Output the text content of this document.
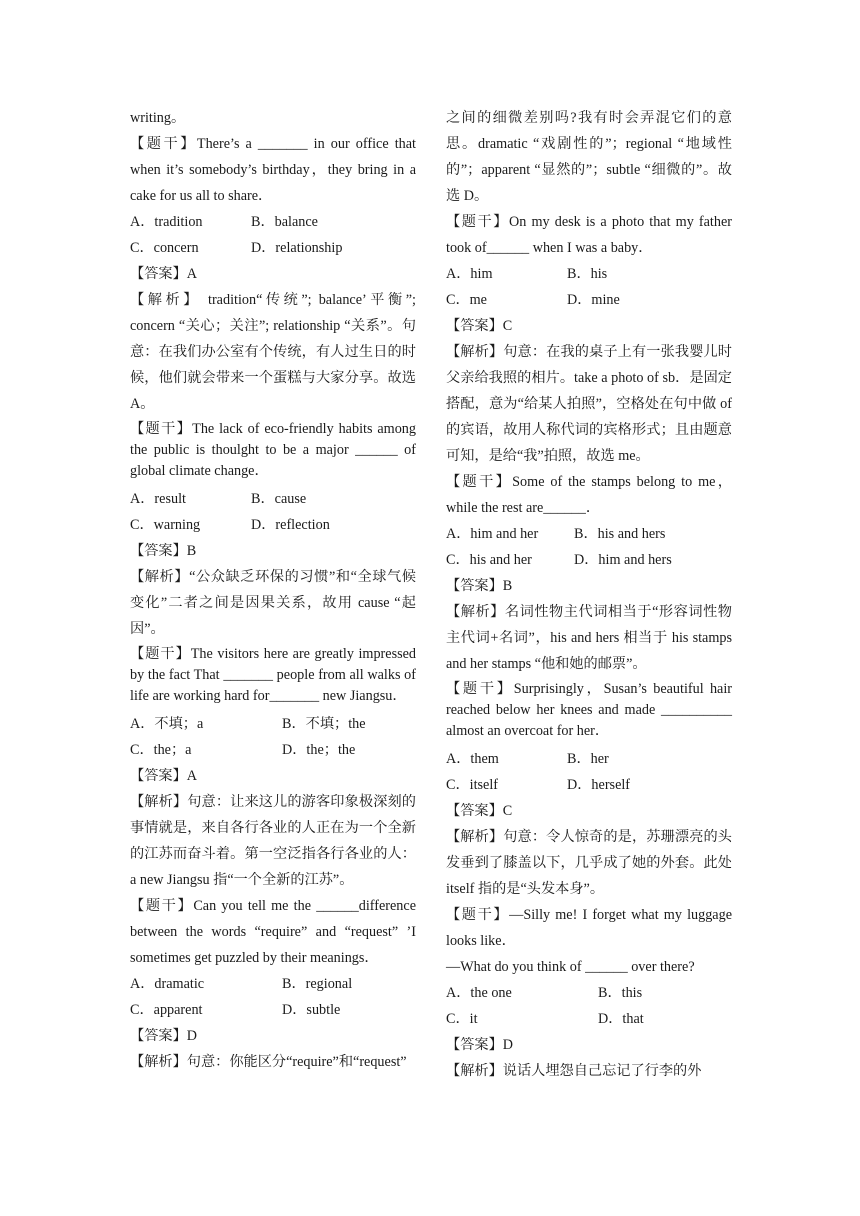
writing。

【题干】There’s a _______ in our office that when it’s somebody’s birthday，they bring in a cake for us all to share．

A．tradition	B．balance
C．concern	D．relationship

【答案】A

【解析】 tradition“传统”; balance’平衡”; concern “关心；关注”; relationship “关系”。句意：在我们办公室有个传统，有人过生日的时候，他们就会带来一个蛋糕与大家分享。故选 A。

【题干】The lack of eco-friendly habits among the public is thoulght to be a major ______ of global climate change．

A．result	B．cause
C．warning	D．reflection

【答案】B

【解析】“公众缺乏环保的习惯”和“全球气候变化”二者之间是因果关系，故用 cause “起因”。

【题干】The visitors here are greatly impressed by the fact That _______ people from all walks of life are working hard for_______ new Jiangsu．

A．不填；a	B．不填；the
C．the；a	D．the；the

【答案】A

【解析】句意：让来这儿的游客印象极深刻的事情就是，来自各行各业的人正在为一个全新的江苏而奋斗着。第一空泛指各行各业的人：a new Jiangsu 指“一个全新的江苏”。

【题干】Can you tell me the ______difference between the words “require” and “request” ’I sometimes get puzzled by their meanings．

A．dramatic	B．regional
C．apparent	D．subtle

【答案】D

【解析】句意：你能区分“require”和“request”

之间的细微差别吗?我有时会弄混它们的意思。dramatic “戏剧性的”；regional “地域性的”；apparent “显然的”；subtle “细微的”。故选 D。

【题干】On my desk is a photo that my father took of______ when I was a baby．

A．him	B．his
C．me	D．mine

【答案】C

【解析】句意：在我的桌子上有一张我婴儿时父亲给我照的相片。take a photo of sb．是固定搭配，意为“给某人拍照”，空格处在句中做 of 的宾语，故用人称代词的宾格形式；且由题意可知，是给“我”拍照，故选 me。

【题干】Some of the stamps belong to me，while the rest are______．

A．him and her	B．his and hers
C．his and her	D．him and hers

【答案】B

【解析】名词性物主代词相当于“形容词性物主代词+名词”，his and hers 相当于 his stamps and her stamps “他和她的邮票”。

【题干】Surprisingly，Susan’s beautiful hair reached below her knees and made __________ almost an overcoat for her．

A．them	B．her
C．itself	D．herself

【答案】C

【解析】句意：令人惊奇的是，苏珊漂亮的头发垂到了膝盖以下，几乎成了她的外套。此处 itself 指的是“头发本身”。

【题干】—Silly me! I forget what my luggage looks like．

—What do you think of ______ over there?

A．the one	B．this
C．it	D．that

【答案】D

【解析】说话人埋怨自己忘记了行李的外
